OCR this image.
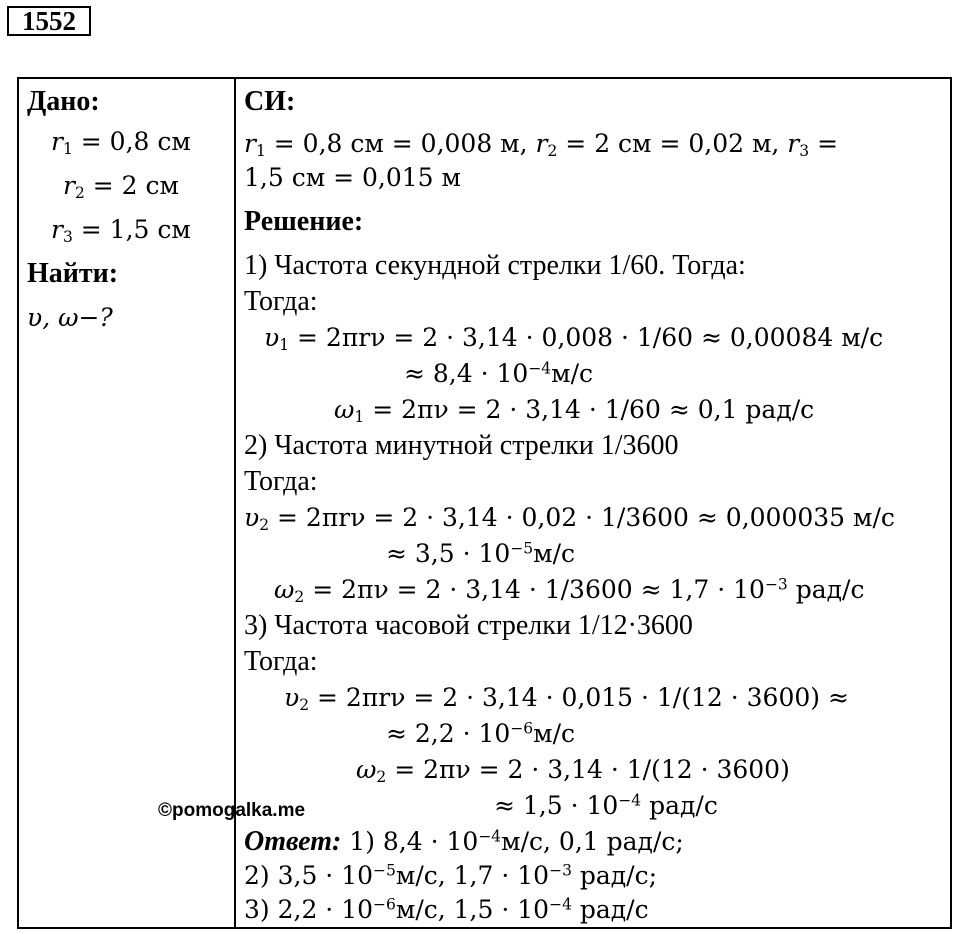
1552
Дано:
$r_1 = 0,8$ см
$r_2 = 2$ см
$r_3 = 1,5$ см
Найти:
υ, ω−?
СИ:
$r_1 = 0,8$ см = 0,008 м, $r_2 = 2$ см = 0,02 м, $r_3$ =
1,5 см = 0,015 м
Решение:
1) Частота секундной стрелки 1/60. Тогда:
Тогда:
$\upsilon_1 = 2\pi r\nu = 2 \cdot 3,14 \cdot 0,008 \cdot 1/60 \approx 0,00084$ м/с
≈ $8,4 \cdot 10^{-4}м/с$
$\omega_1 = 2\pi\nu = 2 \cdot 3,14 \cdot 1/60 \approx 0,1$ рад/с
2) Частота минутной стрелки 1/3600
Тогда:
$\upsilon_2 = 2\pi r\nu = 2 \cdot 3,14 \cdot 0,02 \cdot 1/3600 \approx 0,000035$ м/с
≈ $3,5 \cdot 10^{-5}м/с$
$\omega_2 = 2\pi\nu = 2 \cdot 3,14 \cdot 1/3600 \approx 1,7 \cdot 10^{-3}$ рад/с
3) Частота часовой стрелки 1/12·3600
Тогда:
$\upsilon_2 = 2\pi r\nu = 2 \cdot 3,14 \cdot 0,015 \cdot 1/(12 \cdot 3600)$ ≈
≈ $2,2 \cdot 10^{-6}м/с$
$\omega_2 = 2\pi\nu = 2 \cdot 3,14 \cdot 1/(12 \cdot 3600)$
≈ $1,5 \cdot 10^{-4}$ рад/с
Ответ: 1) $8,4 \cdot 10^{-4}м/с$, 0,1 рад/с;
2) $3,5 \cdot 10^{-5}м/с$, $1,7 \cdot 10^{-3}$ рад/с;
3) $2,2 \cdot 10^{-6}м/с$, $1,5 \cdot 10^{-4}$ рад/с
©pomogalka.me
